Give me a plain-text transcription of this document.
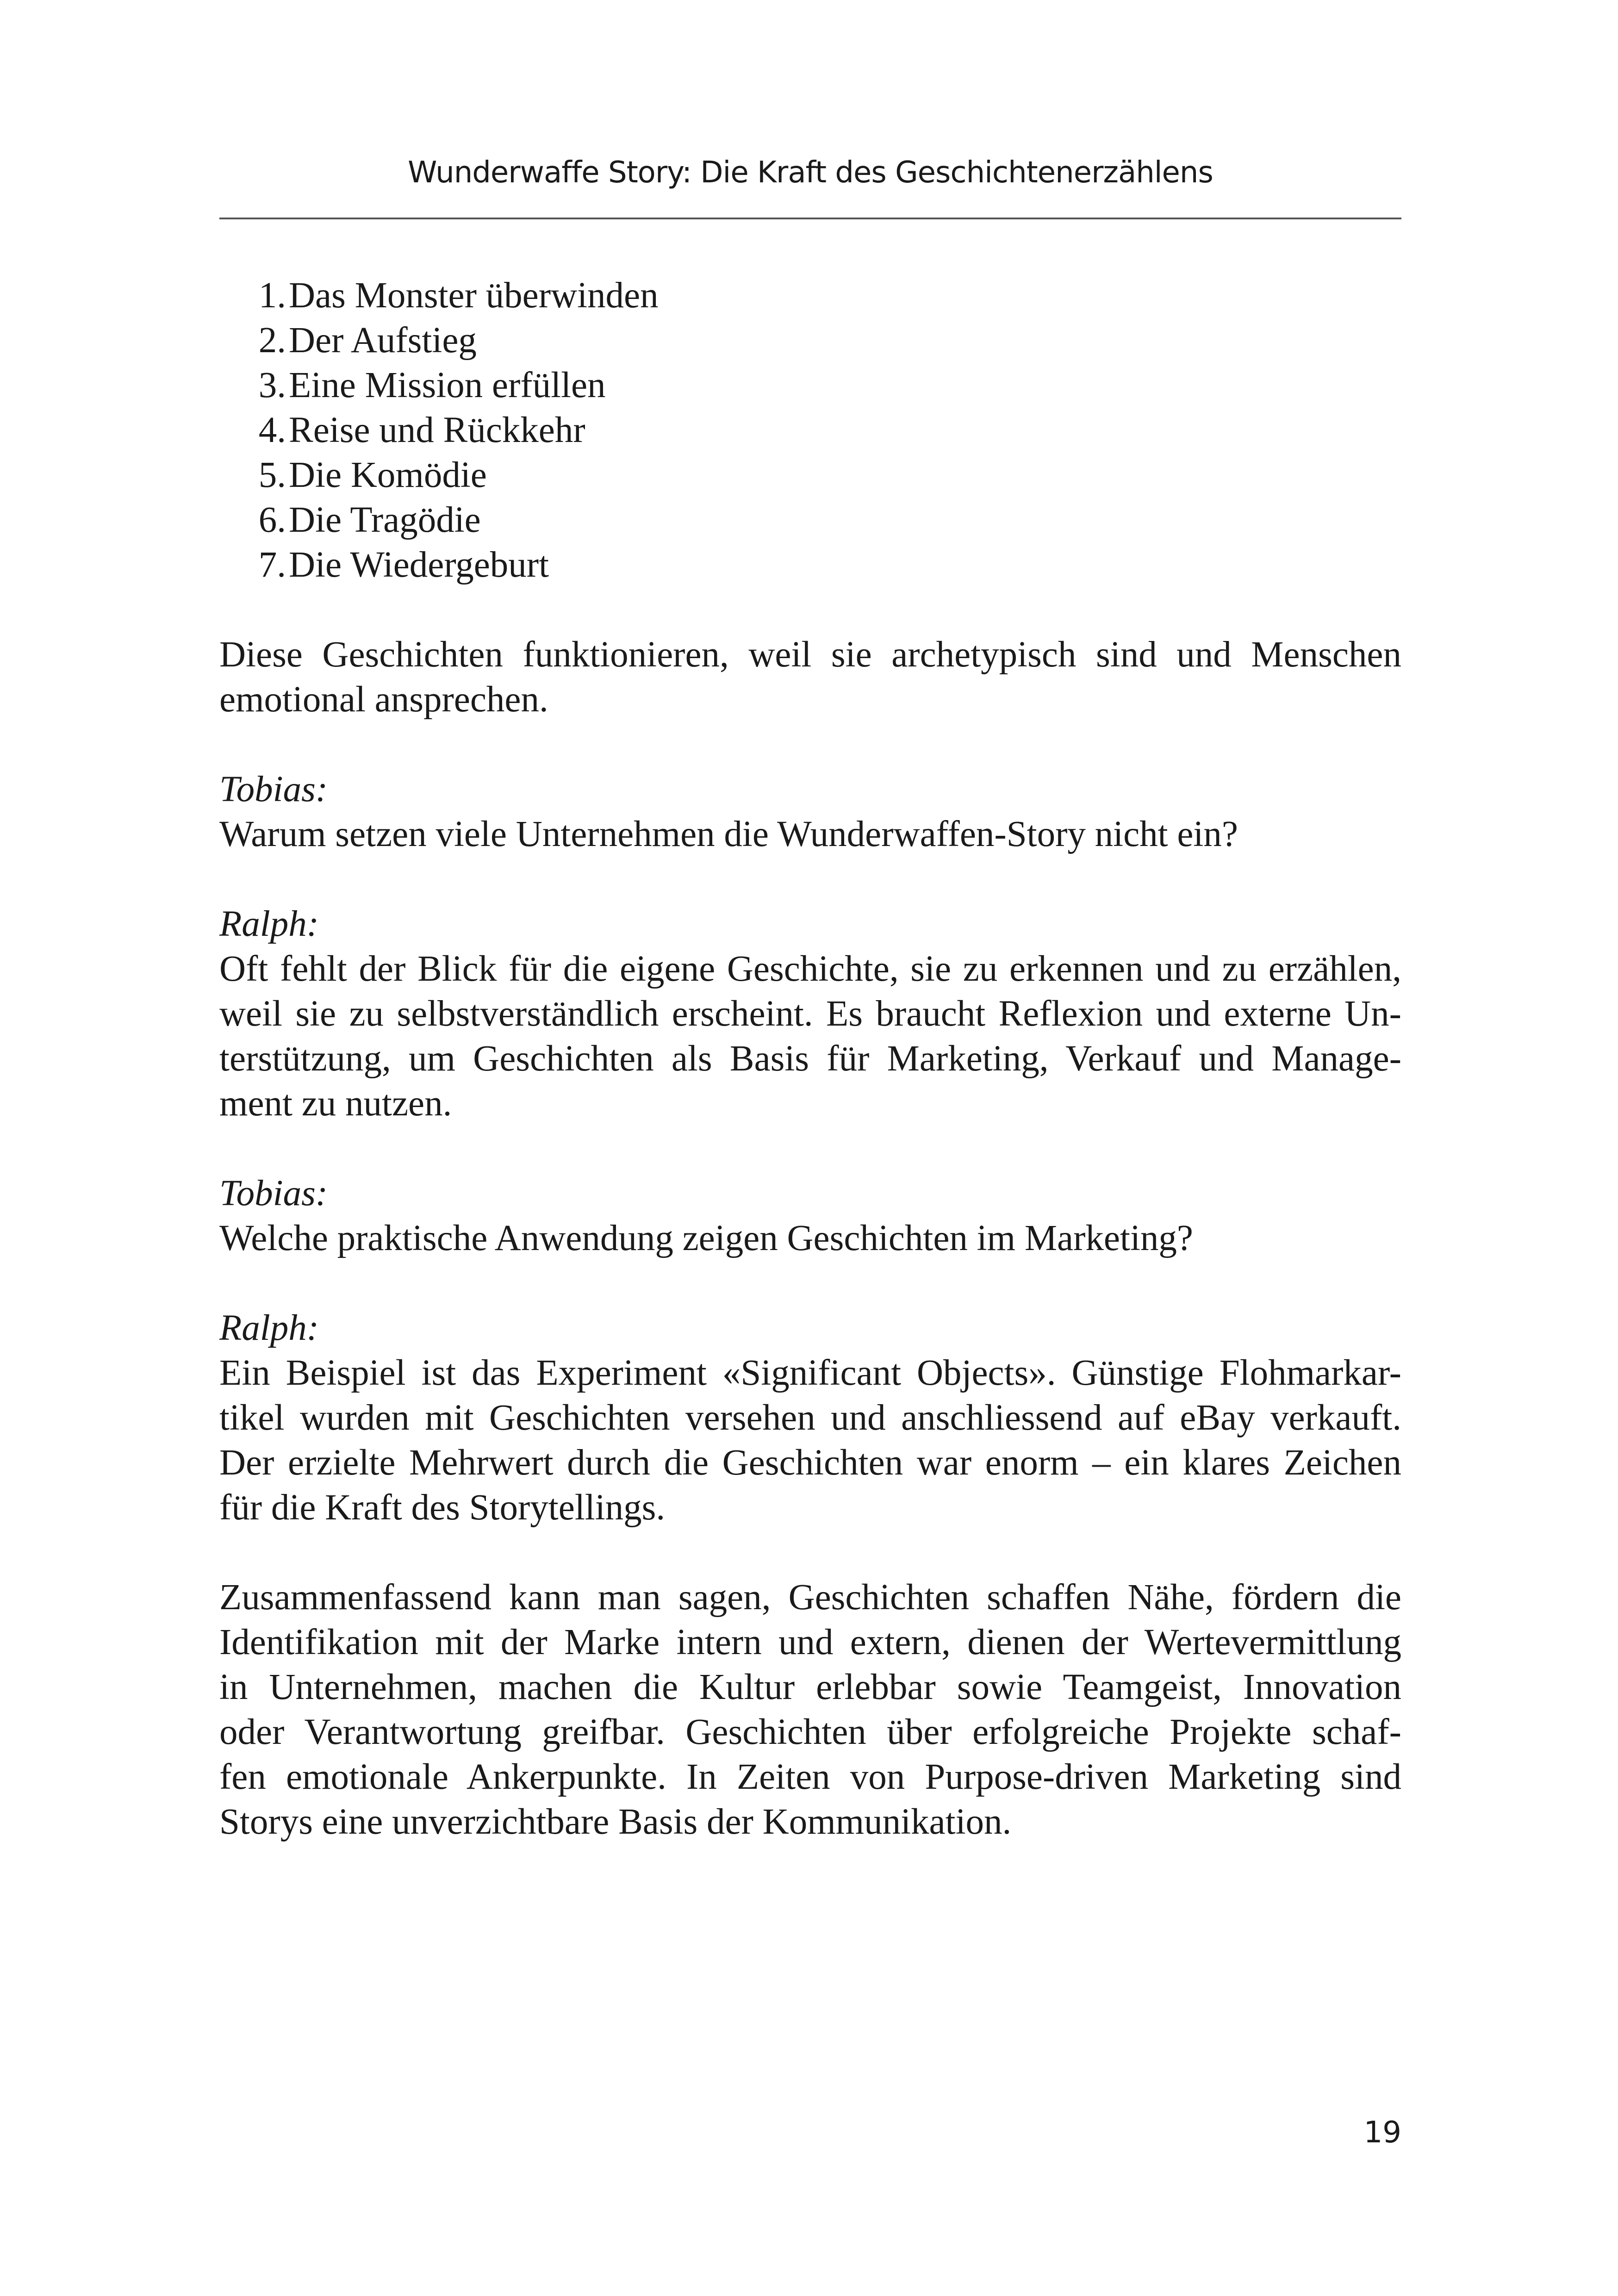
Wunderwaffe Story: Die Kraft des Geschichtenerzählens
1. Das Monster überwinden
2. Der Aufstieg
3. Eine Mission erfüllen
4. Reise und Rückkehr
5. Die Komödie
6. Die Tragödie
7. Die Wiedergeburt
Diese Geschichten funktionieren, weil sie archetypisch sind und Menschen
emotional ansprechen.
Tobias:
Warum setzen viele Unternehmen die Wunderwaffen-Story nicht ein?
Ralph:
Oft fehlt der Blick für die eigene Geschichte, sie zu erkennen und zu erzählen,
weil sie zu selbstverständlich erscheint. Es braucht Reflexion und externe Un-
terstützung, um Geschichten als Basis für Marketing, Verkauf und Manage-
ment zu nutzen.
Tobias:
Welche praktische Anwendung zeigen Geschichten im Marketing?
Ralph:
Ein Beispiel ist das Experiment «Significant Objects». Günstige Flohmarkar-
tikel wurden mit Geschichten versehen und anschliessend auf eBay verkauft.
Der erzielte Mehrwert durch die Geschichten war enorm – ein klares Zeichen
für die Kraft des Storytellings.
Zusammenfassend kann man sagen, Geschichten schaffen Nähe, fördern die
Identifikation mit der Marke intern und extern, dienen der Wertevermittlung
in Unternehmen, machen die Kultur erlebbar sowie Teamgeist, Innovation
oder Verantwortung greifbar. Geschichten über erfolgreiche Projekte schaf-
fen emotionale Ankerpunkte. In Zeiten von Purpose-driven Marketing sind
Storys eine unverzichtbare Basis der Kommunikation.
19
